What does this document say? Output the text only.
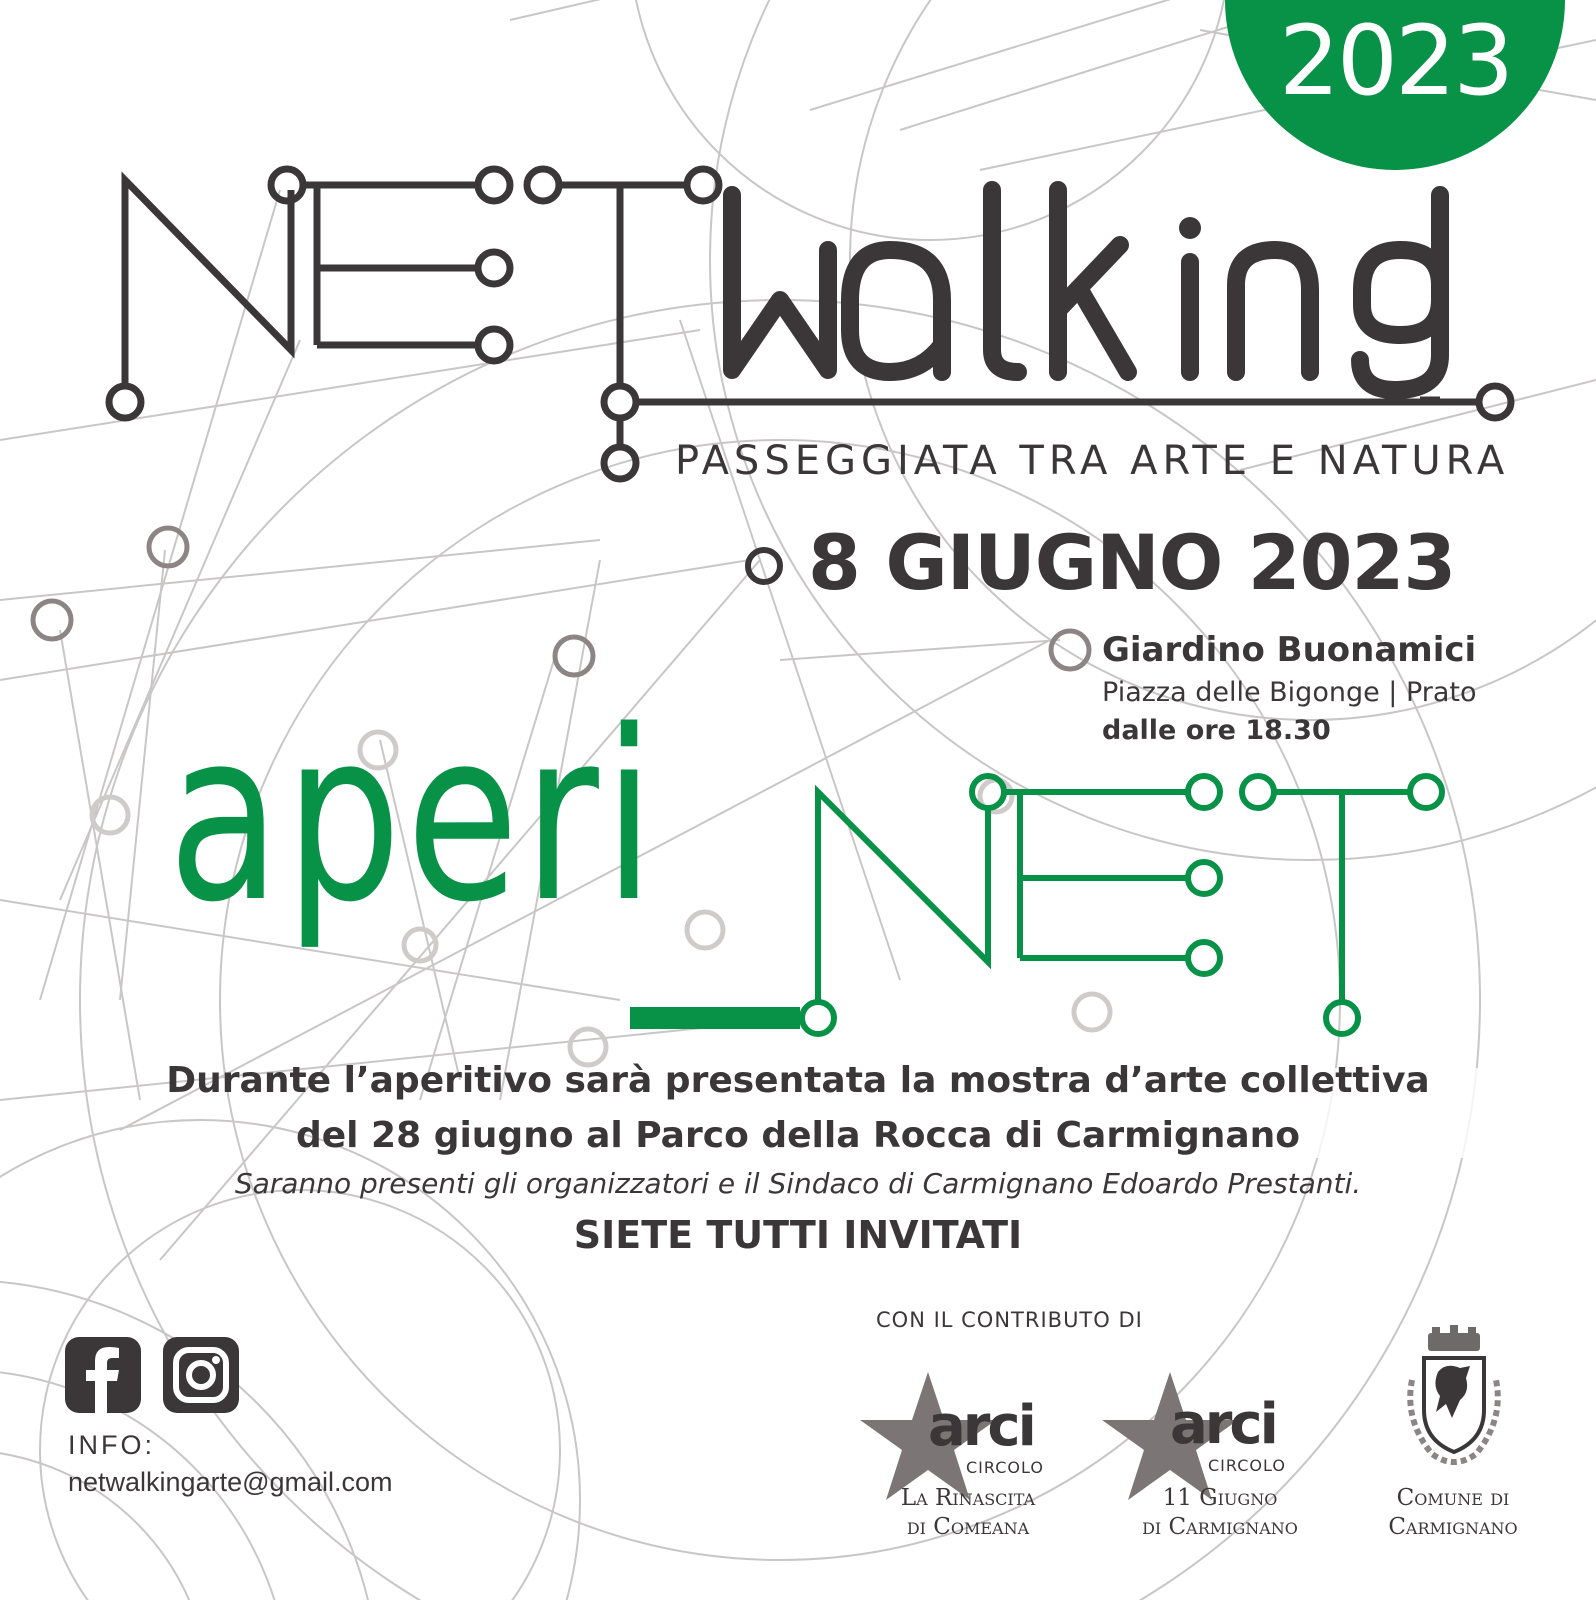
2023
PASSEGGIATA TRA ARTE E NATURA
8 GIUGNO 2023
Giardino Buonamici
Piazza delle Bigonge | Prato
dalle ore 18.30
aperi
Durante l’aperitivo sarà presentata la mostra d’arte collettiva
del 28 giugno al Parco della Rocca di Carmignano
Saranno presenti gli organizzatori e il Sindaco di Carmignano Edoardo Prestanti.
SIETE TUTTI INVITATI
INFO:
netwalkingarte@gmail.com
CON IL CONTRIBUTO DI
arci
CIRCOLO
La Rinascita
di Comeana
arci
CIRCOLO
11 Giugno
di Carmignano
Comune di
Carmignano
